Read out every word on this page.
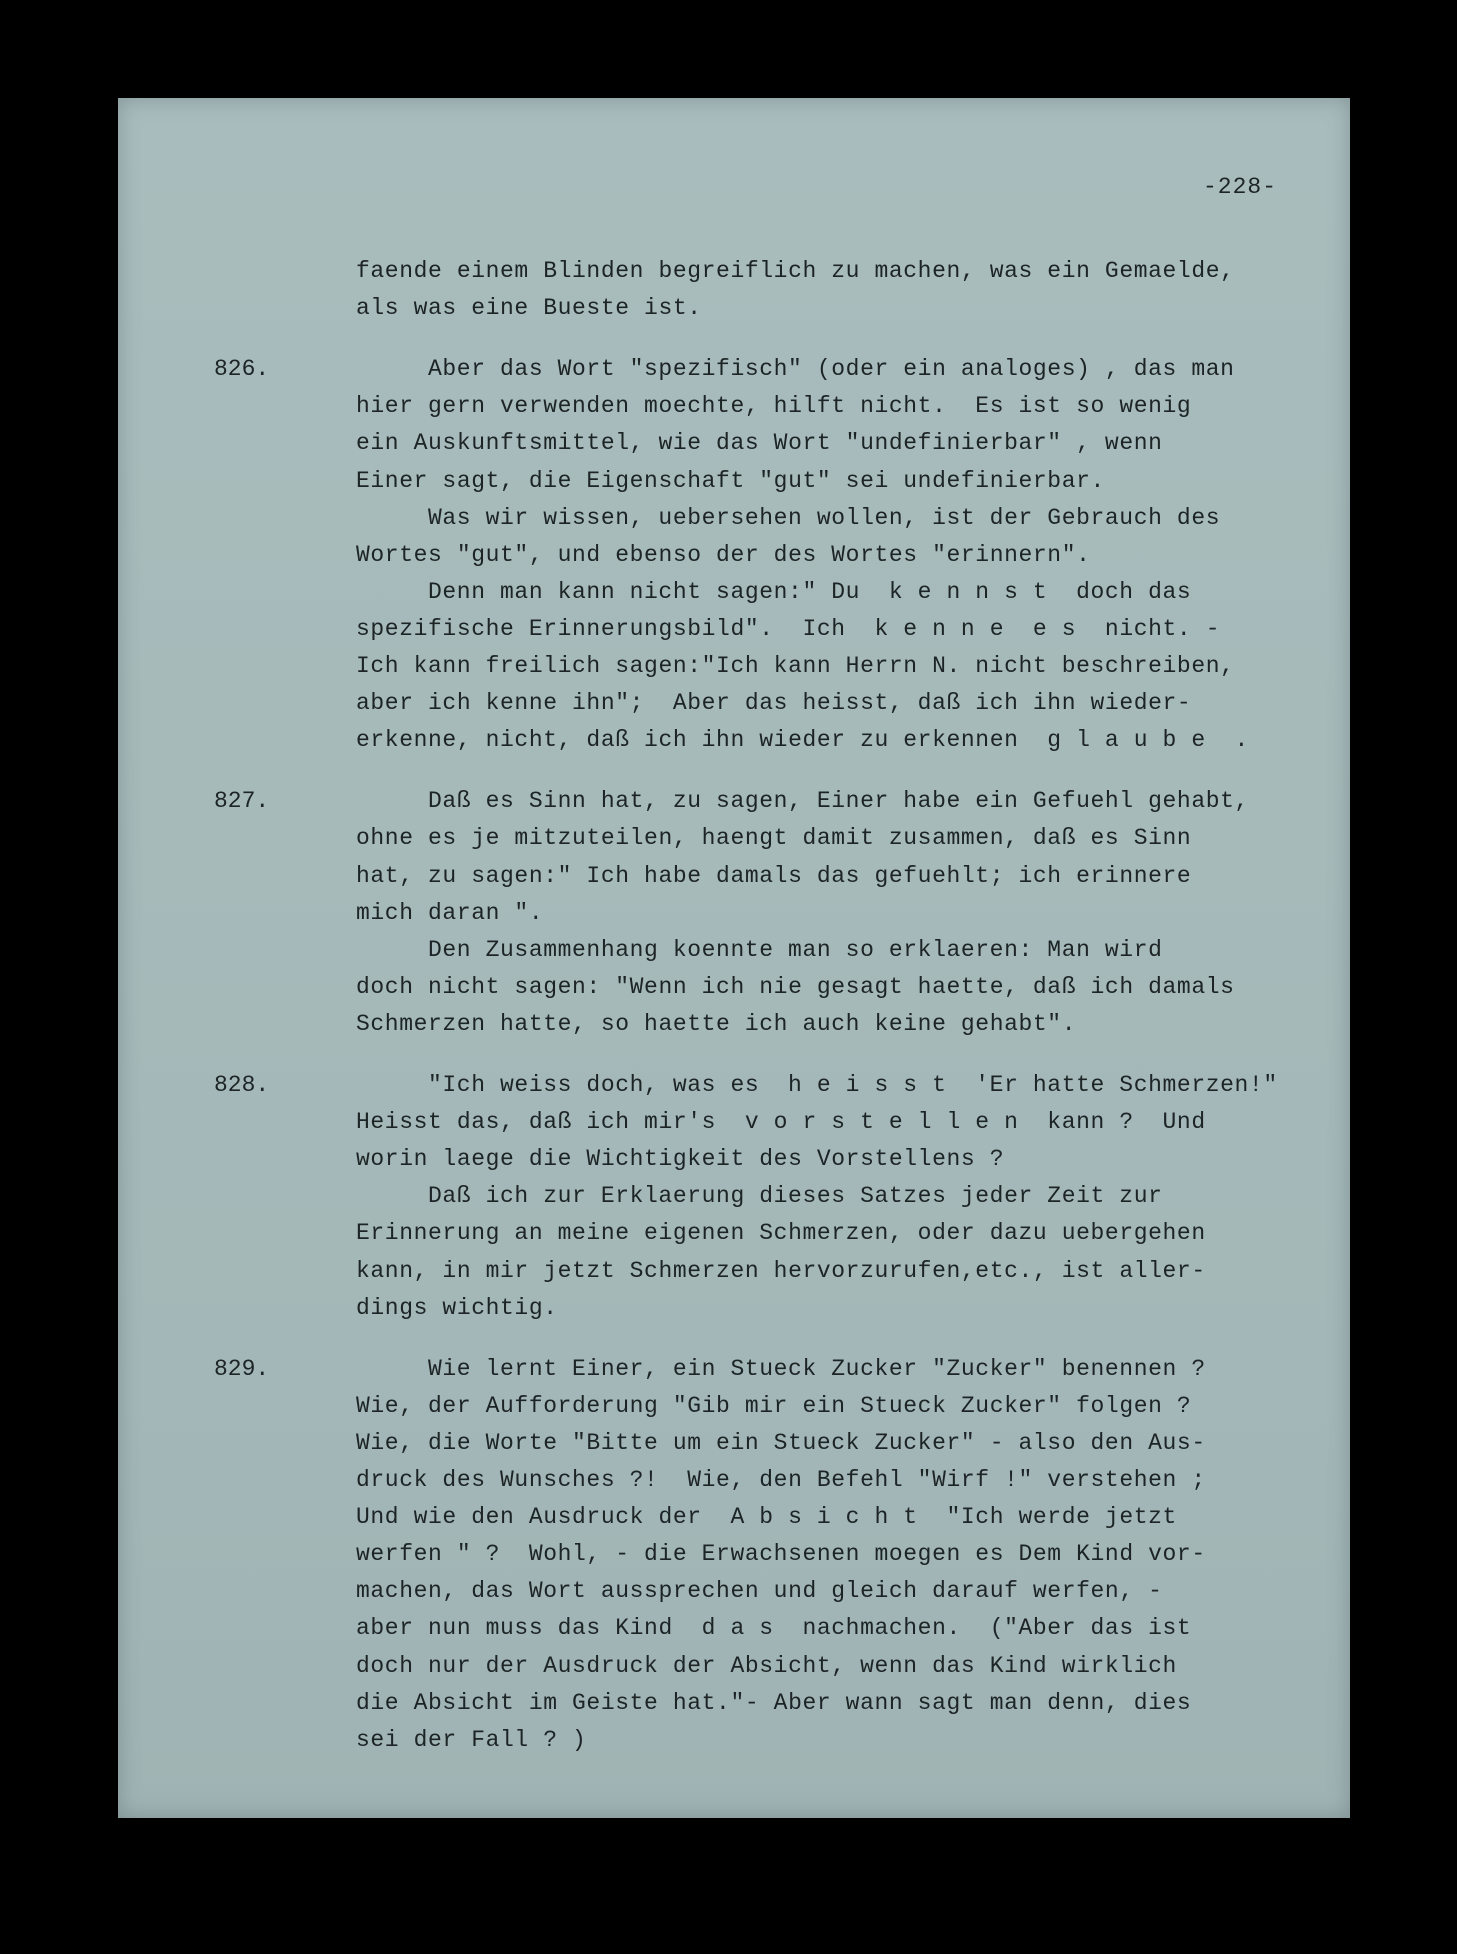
-228-
faende einem Blinden begreiflich zu machen, was ein Gemaelde,
als was eine Bueste ist.
826.	Aber das Wort "spezifisch" (oder ein analoges) , das man
hier gern verwenden moechte, hilft nicht.  Es ist so wenig
ein Auskunftsmittel, wie das Wort "undefinierbar" , wenn
Einer sagt, die Eigenschaft "gut" sei undefinierbar.
Was wir wissen, uebersehen wollen, ist der Gebrauch des
Wortes "gut", und ebenso der des Wortes "erinnern".
Denn man kann nicht sagen:" Du  k e n n s t  doch das
spezifische Erinnerungsbild".  Ich  k e n n e  e s  nicht. -
Ich kann freilich sagen:"Ich kann Herrn N. nicht beschreiben,
aber ich kenne ihn";  Aber das heisst, daß ich ihn wieder-
erkenne, nicht, daß ich ihn wieder zu erkennen  g l a u b e  .
827.	Daß es Sinn hat, zu sagen, Einer habe ein Gefuehl gehabt,
ohne es je mitzuteilen, haengt damit zusammen, daß es Sinn
hat, zu sagen:" Ich habe damals das gefuehlt; ich erinnere
mich daran ".
Den Zusammenhang koennte man so erklaeren: Man wird
doch nicht sagen: "Wenn ich nie gesagt haette, daß ich damals
Schmerzen hatte, so haette ich auch keine gehabt".
828.	"Ich weiss doch, was es  h e i s s t  'Er hatte Schmerzen!"
Heisst das, daß ich mir's  v o r s t e l l e n  kann ?  Und
worin laege die Wichtigkeit des Vorstellens ?
Daß ich zur Erklaerung dieses Satzes jeder Zeit zur
Erinnerung an meine eigenen Schmerzen, oder dazu uebergehen
kann, in mir jetzt Schmerzen hervorzurufen,etc., ist aller-
dings wichtig.
829.	Wie lernt Einer, ein Stueck Zucker "Zucker" benennen ?
Wie, der Aufforderung "Gib mir ein Stueck Zucker" folgen ?
Wie, die Worte "Bitte um ein Stueck Zucker" - also den Aus-
druck des Wunsches ?!  Wie, den Befehl "Wirf !" verstehen ;
Und wie den Ausdruck der  A b s i c h t  "Ich werde jetzt
werfen " ?  Wohl, - die Erwachsenen moegen es Dem Kind vor-
machen, das Wort aussprechen und gleich darauf werfen, -
aber nun muss das Kind  d a s  nachmachen.  ("Aber das ist
doch nur der Ausdruck der Absicht, wenn das Kind wirklich
die Absicht im Geiste hat."- Aber wann sagt man denn, dies
sei der Fall ? )
